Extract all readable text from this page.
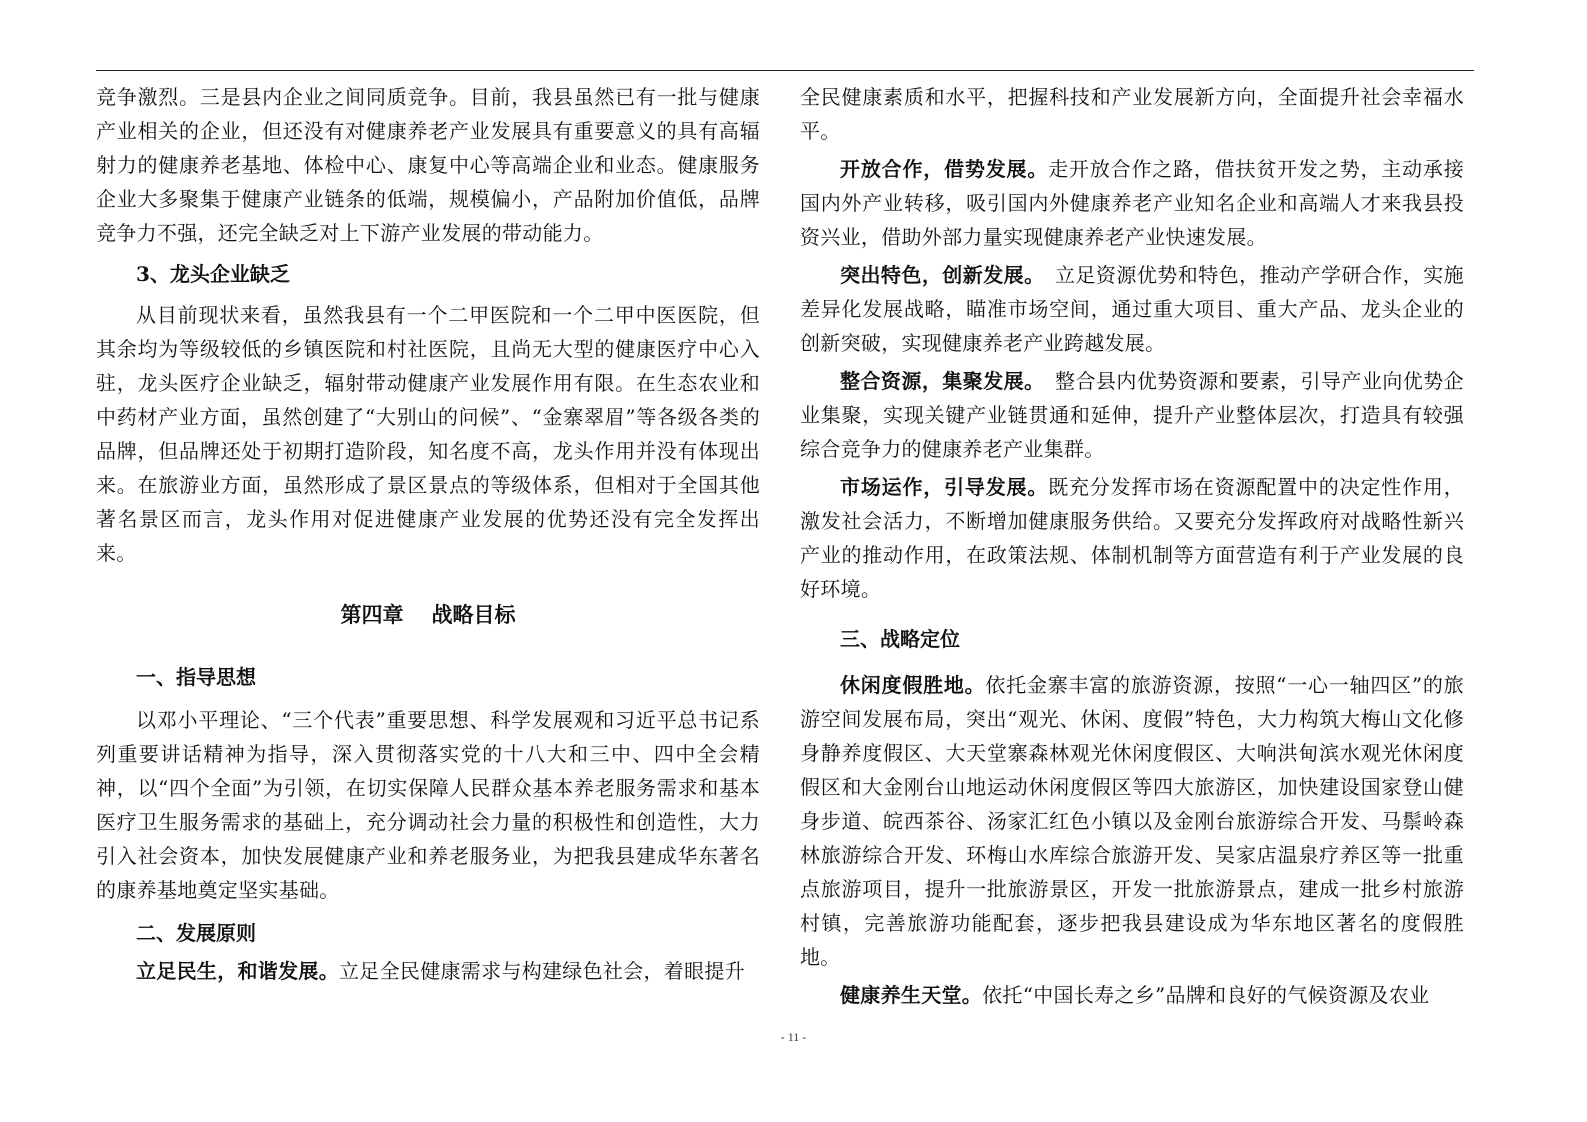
竞争激烈。三是县内企业之间同质竞争。目前，我县虽然已有一批与健康产业相关的企业，但还没有对健康养老产业发展具有重要意义的具有高辐射力的健康养老基地、体检中心、康复中心等高端企业和业态。健康服务企业大多聚集于健康产业链条的低端，规模偏小，产品附加价值低，品牌竞争力不强，还完全缺乏对上下游产业发展的带动能力。

3、龙头企业缺乏

从目前现状来看，虽然我县有一个二甲医院和一个二甲中医医院，但其余均为等级较低的乡镇医院和村社医院，且尚无大型的健康医疗中心入驻，龙头医疗企业缺乏，辐射带动健康产业发展作用有限。在生态农业和中药材产业方面，虽然创建了“大别山的问候”、“金寨翠眉”等各级各类的品牌，但品牌还处于初期打造阶段，知名度不高，龙头作用并没有体现出来。在旅游业方面，虽然形成了景区景点的等级体系，但相对于全国其他著名景区而言，龙头作用对促进健康产业发展的优势还没有完全发挥出来。

第四章 战略目标

一、指导思想

以邓小平理论、“三个代表”重要思想、科学发展观和习近平总书记系列重要讲话精神为指导，深入贯彻落实党的十八大和三中、四中全会精神，以“四个全面”为引领，在切实保障人民群众基本养老服务需求和基本医疗卫生服务需求的基础上，充分调动社会力量的积极性和创造性，大力引入社会资本，加快发展健康产业和养老服务业，为把我县建成华东著名的康养基地奠定坚实基础。

二、发展原则

立足民生，和谐发展。立足全民健康需求与构建绿色社会，着眼提升

全民健康素质和水平，把握科技和产业发展新方向，全面提升社会幸福水平。

开放合作，借势发展。走开放合作之路，借扶贫开发之势，主动承接国内外产业转移，吸引国内外健康养老产业知名企业和高端人才来我县投资兴业，借助外部力量实现健康养老产业快速发展。

突出特色，创新发展。　立足资源优势和特色，推动产学研合作，实施差异化发展战略，瞄准市场空间，通过重大项目、重大产品、龙头企业的创新突破，实现健康养老产业跨越发展。

整合资源，集聚发展。　整合县内优势资源和要素，引导产业向优势企业集聚，实现关键产业链贯通和延伸，提升产业整体层次，打造具有较强综合竞争力的健康养老产业集群。

市场运作，引导发展。既充分发挥市场在资源配置中的决定性作用，激发社会活力，不断增加健康服务供给。又要充分发挥政府对战略性新兴产业的推动作用，在政策法规、体制机制等方面营造有利于产业发展的良好环境。

三、战略定位

休闲度假胜地。依托金寨丰富的旅游资源，按照“一心一轴四区”的旅游空间发展布局，突出“观光、休闲、度假”特色，大力构筑大梅山文化修身静养度假区、大天堂寨森林观光休闲度假区、大响洪甸滨水观光休闲度假区和大金刚台山地运动休闲度假区等四大旅游区，加快建设国家登山健身步道、皖西茶谷、汤家汇红色小镇以及金刚台旅游综合开发、马鬃岭森林旅游综合开发、环梅山水库综合旅游开发、吴家店温泉疗养区等一批重点旅游项目，提升一批旅游景区，开发一批旅游景点，建成一批乡村旅游村镇，完善旅游功能配套，逐步把我县建设成为华东地区著名的度假胜地。

健康养生天堂。依托“中国长寿之乡”品牌和良好的气候资源及农业

- 11 -
